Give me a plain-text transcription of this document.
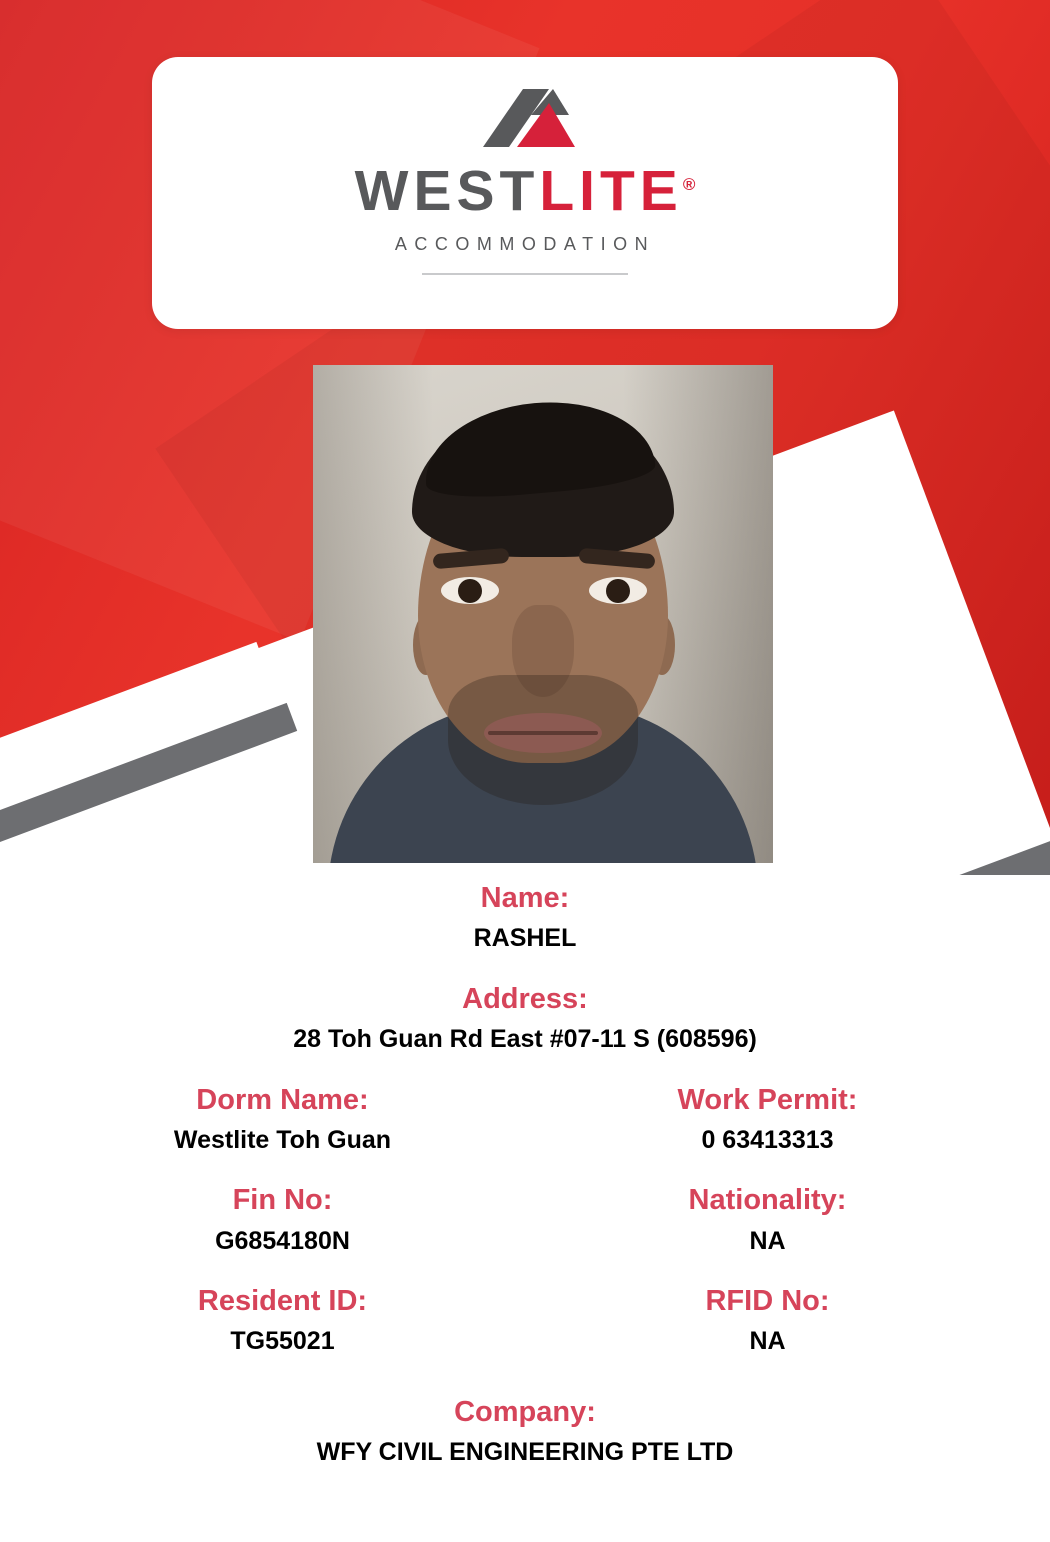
WESTLITE®
ACCOMMODATION
Name:
RASHEL
Address:
28 Toh Guan Rd East #07-11 S (608596)
Dorm Name:
Westlite Toh Guan
Work Permit:
0 63413313
Fin No:
G6854180N
Nationality:
NA
Resident ID:
TG55021
RFID No:
NA
Company:
WFY CIVIL ENGINEERING PTE LTD
